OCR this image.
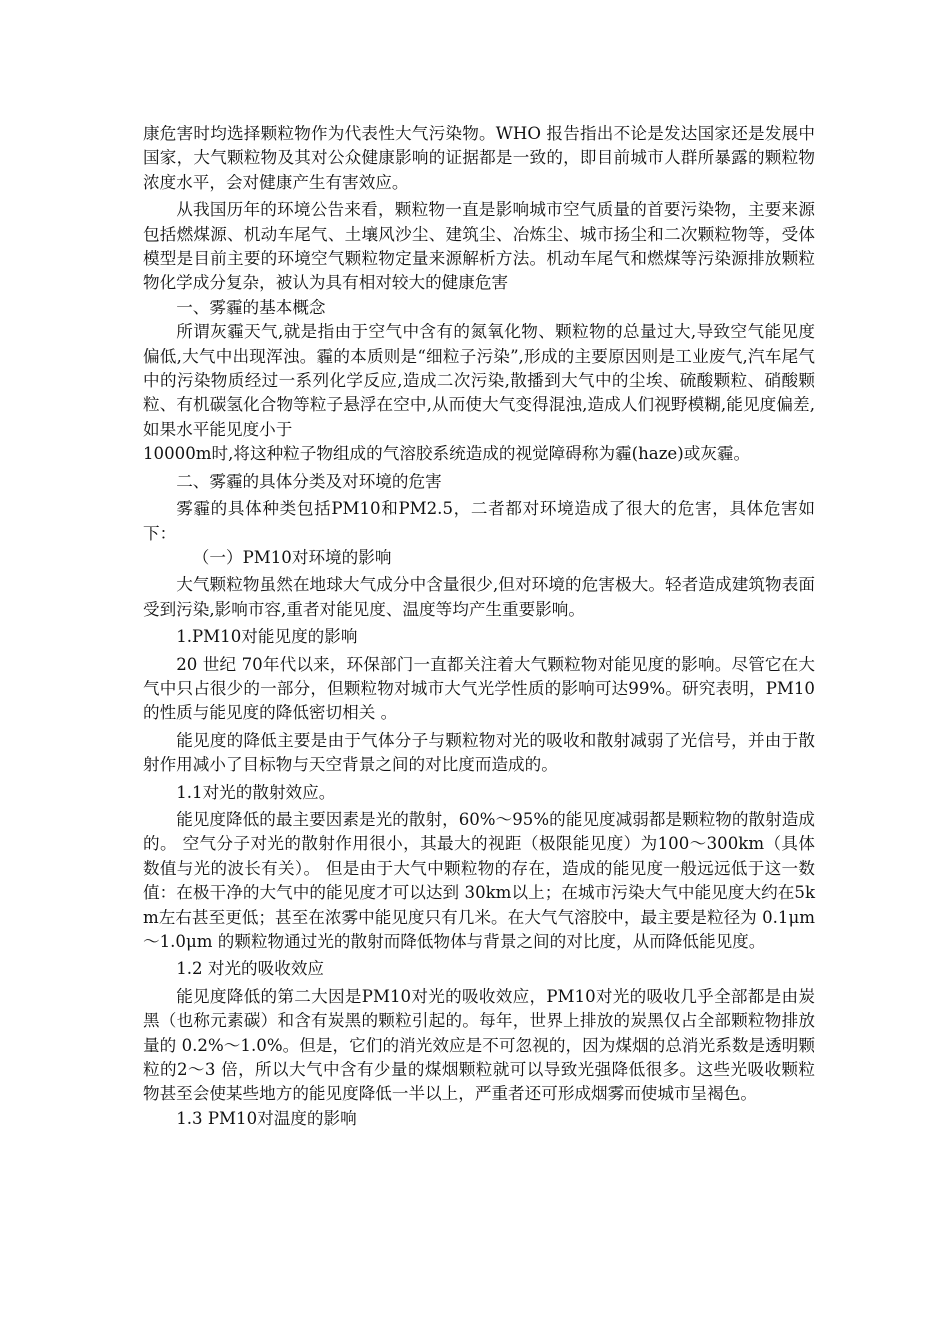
康危害时均选择颗粒物作为代表性大气污染物。WHO 报告指出不论是发达国家还是发展中国家，大气颗粒物及其对公众健康影响的证据都是一致的，即目前城市人群所暴露的颗粒物浓度水平，会对健康产生有害效应。

从我国历年的环境公告来看，颗粒物一直是影响城市空气质量的首要污染物，主要来源包括燃煤源、机动车尾气、土壤风沙尘、建筑尘、冶炼尘、城市扬尘和二次颗粒物等，受体模型是目前主要的环境空气颗粒物定量来源解析方法。机动车尾气和燃煤等污染源排放颗粒物化学成分复杂，被认为具有相对较大的健康危害

一、雾霾的基本概念

所谓灰霾天气,就是指由于空气中含有的氮氧化物、颗粒物的总量过大,导致空气能见度偏低,大气中出现浑浊。霾的本质则是“细粒子污染”,形成的主要原因则是工业废气,汽车尾气中的污染物质经过一系列化学反应,造成二次污染,散播到大气中的尘埃、硫酸颗粒、硝酸颗粒、有机碳氢化合物等粒子悬浮在空中,从而使大气变得混浊,造成人们视野模糊,能见度偏差,如果水平能见度小于

10000m时,将这种粒子物组成的气溶胶系统造成的视觉障碍称为霾(haze)或灰霾。

二、雾霾的具体分类及对环境的危害

雾霾的具体种类包括PM10和PM2.5，二者都对环境造成了很大的危害，具体危害如下：

（一）PM10对环境的影响

大气颗粒物虽然在地球大气成分中含量很少,但对环境的危害极大。轻者造成建筑物表面受到污染,影响市容,重者对能见度、温度等均产生重要影响。

1.PM10对能见度的影响

20 世纪 70年代以来，环保部门一直都关注着大气颗粒物对能见度的影响。尽管它在大气中只占很少的一部分，但颗粒物对城市大气光学性质的影响可达99%。研究表明，PM10的性质与能见度的降低密切相关 。

能见度的降低主要是由于气体分子与颗粒物对光的吸收和散射减弱了光信号，并由于散射作用减小了目标物与天空背景之间的对比度而造成的。

1.1对光的散射效应。

能见度降低的最主要因素是光的散射，60%～95%的能见度减弱都是颗粒物的散射造成的。 空气分子对光的散射作用很小，其最大的视距（极限能见度）为100～300km（具体数值与光的波长有关）。 但是由于大气中颗粒物的存在，造成的能见度一般远远低于这一数值：在极干净的大气中的能见度才可以达到 30km以上；在城市污染大气中能见度大约在5km左右甚至更低；甚至在浓雾中能见度只有几米。在大气气溶胶中，最主要是粒径为 0.1μm～1.0μm 的颗粒物通过光的散射而降低物体与背景之间的对比度，从而降低能见度。

1.2 对光的吸收效应

能见度降低的第二大因是PM10对光的吸收效应，PM10对光的吸收几乎全部都是由炭黑（也称元素碳）和含有炭黑的颗粒引起的。每年，世界上排放的炭黑仅占全部颗粒物排放量的 0.2%～1.0%。但是，它们的消光效应是不可忽视的，因为煤烟的总消光系数是透明颗粒的2～3 倍，所以大气中含有少量的煤烟颗粒就可以导致光强降低很多。这些光吸收颗粒物甚至会使某些地方的能见度降低一半以上，严重者还可形成烟雾而使城市呈褐色。

1.3 PM10对温度的影响
